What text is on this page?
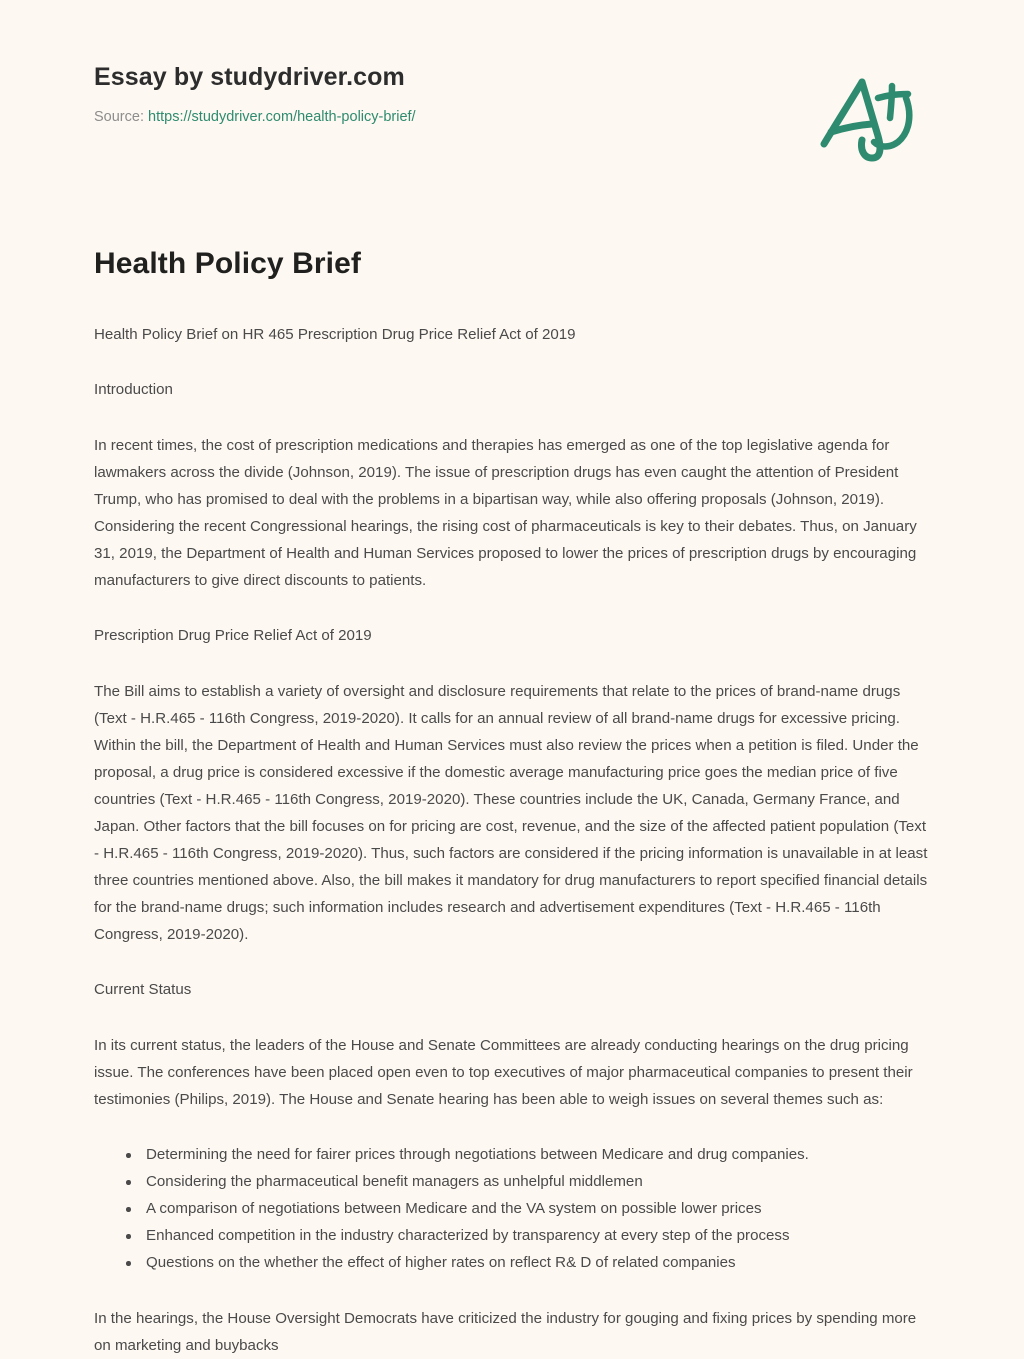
Essay by studydriver.com
Source: https://studydriver.com/health-policy-brief/
Health Policy Brief

Health Policy Brief on HR 465 Prescription Drug Price Relief Act of 2019

Introduction

In recent times, the cost of prescription medications and therapies has emerged as one of the top legislative agenda for lawmakers across the divide (Johnson, 2019). The issue of prescription drugs has even caught the attention of President Trump, who has promised to deal with the problems in a bipartisan way, while also offering proposals (Johnson, 2019). Considering the recent Congressional hearings, the rising cost of pharmaceuticals is key to their debates. Thus, on January 31, 2019, the Department of Health and Human Services proposed to lower the prices of prescription drugs by encouraging manufacturers to give direct discounts to patients.

Prescription Drug Price Relief Act of 2019

The Bill aims to establish a variety of oversight and disclosure requirements that relate to the prices of brand-name drugs (Text - H.R.465 - 116th Congress, 2019-2020). It calls for an annual review of all brand-name drugs for excessive pricing. Within the bill, the Department of Health and Human Services must also review the prices when a petition is filed. Under the proposal, a drug price is considered excessive if the domestic average manufacturing price goes the median price of five countries (Text - H.R.465 - 116th Congress, 2019-2020). These countries include the UK, Canada, Germany France, and Japan. Other factors that the bill focuses on for pricing are cost, revenue, and the size of the affected patient population (Text - H.R.465 - 116th Congress, 2019-2020). Thus, such factors are considered if the pricing information is unavailable in at least three countries mentioned above. Also, the bill makes it mandatory for drug manufacturers to report specified financial details for the brand-name drugs; such information includes research and advertisement expenditures (Text - H.R.465 - 116th Congress, 2019-2020).

Current Status

In its current status, the leaders of the House and Senate Committees are already conducting hearings on the drug pricing issue. The conferences have been placed open even to top executives of major pharmaceutical companies to present their testimonies (Philips, 2019). The House and Senate hearing has been able to weigh issues on several themes such as:

Determining the need for fairer prices through negotiations between Medicare and drug companies.
Considering the pharmaceutical benefit managers as unhelpful middlemen
A comparison of negotiations between Medicare and the VA system on possible lower prices
Enhanced competition in the industry characterized by transparency at every step of the process
Questions on the whether the effect of higher rates on reflect R& D of related companies

In the hearings, the House Oversight Democrats have criticized the industry for gouging and fixing prices by spending more on marketing and buybacks
